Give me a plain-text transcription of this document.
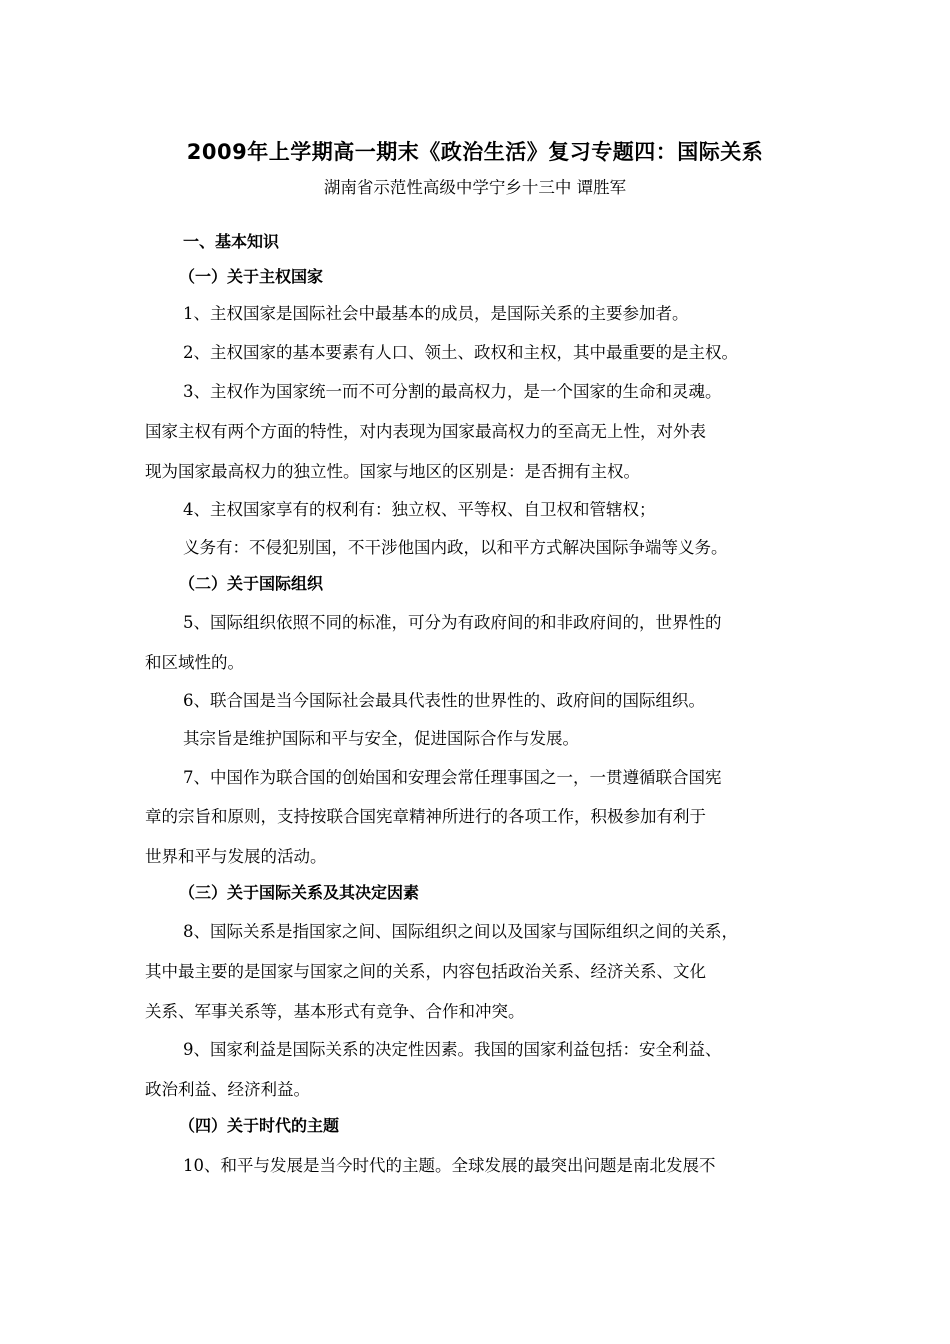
2009年上学期高一期末《政治生活》复习专题四：国际关系
湖南省示范性高级中学宁乡十三中 谭胜军
一、基本知识
（一）关于主权国家
1、主权国家是国际社会中最基本的成员，是国际关系的主要参加者。
2、主权国家的基本要素有人口、领土、政权和主权，其中最重要的是主权。
3、主权作为国家统一而不可分割的最高权力，是一个国家的生命和灵魂。
国家主权有两个方面的特性，对内表现为国家最高权力的至高无上性，对外表
现为国家最高权力的独立性。国家与地区的区别是：是否拥有主权。
4、主权国家享有的权利有：独立权、平等权、自卫权和管辖权；
义务有：不侵犯别国，不干涉他国内政，以和平方式解决国际争端等义务。
（二）关于国际组织
5、国际组织依照不同的标准，可分为有政府间的和非政府间的，世界性的
和区域性的。
6、联合国是当今国际社会最具代表性的世界性的、政府间的国际组织。
其宗旨是维护国际和平与安全，促进国际合作与发展。
7、中国作为联合国的创始国和安理会常任理事国之一，一贯遵循联合国宪
章的宗旨和原则，支持按联合国宪章精神所进行的各项工作，积极参加有利于
世界和平与发展的活动。
（三）关于国际关系及其决定因素
8、国际关系是指国家之间、国际组织之间以及国家与国际组织之间的关系，
其中最主要的是国家与国家之间的关系，内容包括政治关系、经济关系、文化
关系、军事关系等，基本形式有竞争、合作和冲突。
9、国家利益是国际关系的决定性因素。我国的国家利益包括：安全利益、
政治利益、经济利益。
（四）关于时代的主题
10、和平与发展是当今时代的主题。全球发展的最突出问题是南北发展不
